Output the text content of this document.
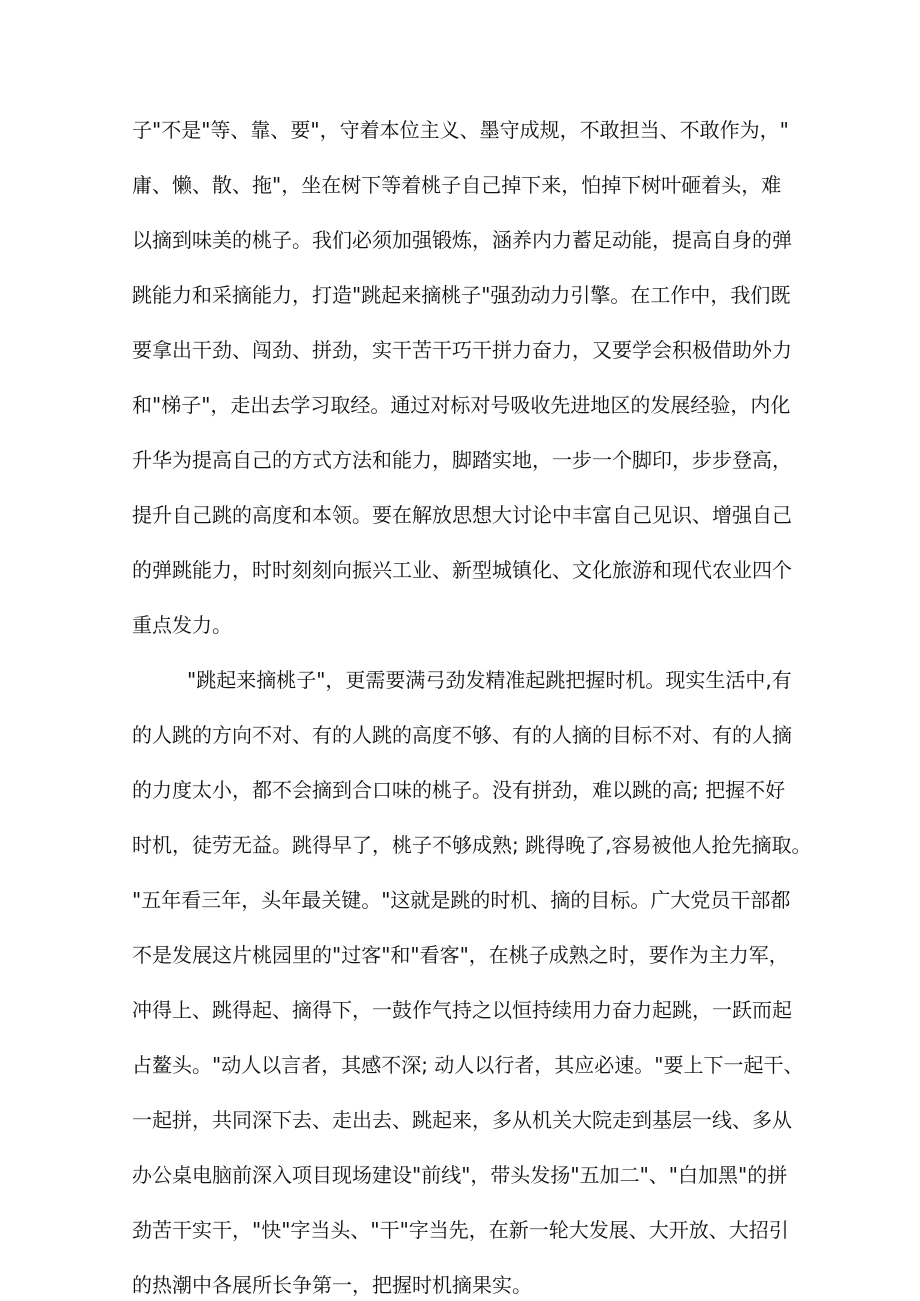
子"不是"等、靠、要"，守着本位主义、墨守成规，不敢担当、不敢作为，"
庸、懒、散、拖"，坐在树下等着桃子自己掉下来，怕掉下树叶砸着头，难
以摘到味美的桃子。我们必须加强锻炼，涵养内力蓄足动能，提高自身的弹
跳能力和采摘能力，打造"跳起来摘桃子"强劲动力引擎。在工作中，我们既
要拿出干劲、闯劲、拼劲，实干苦干巧干拼力奋力，又要学会积极借助外力
和"梯子"，走出去学习取经。通过对标对号吸收先进地区的发展经验，内化
升华为提高自己的方式方法和能力，脚踏实地，一步一个脚印，步步登高，
提升自己跳的高度和本领。要在解放思想大讨论中丰富自己见识、增强自己
的弹跳能力，时时刻刻向振兴工业、新型城镇化、文化旅游和现代农业四个
重点发力。
"跳起来摘桃子"，更需要满弓劲发精准起跳把握时机。现实生活中,有
的人跳的方向不对、有的人跳的高度不够、有的人摘的目标不对、有的人摘
的力度太小，都不会摘到合口味的桃子。没有拼劲，难以跳的高; 把握不好
时机，徒劳无益。跳得早了，桃子不够成熟; 跳得晚了,容易被他人抢先摘取。
"五年看三年，头年最关键。"这就是跳的时机、摘的目标。广大党员干部都
不是发展这片桃园里的"过客"和"看客"，在桃子成熟之时，要作为主力军，
冲得上、跳得起、摘得下，一鼓作气持之以恒持续用力奋力起跳，一跃而起
占鳌头。"动人以言者，其感不深; 动人以行者，其应必速。"要上下一起干、
一起拼，共同深下去、走出去、跳起来，多从机关大院走到基层一线、多从
办公桌电脑前深入项目现场建设"前线"，带头发扬"五加二"、"白加黑"的拼
劲苦干实干，"快"字当头、"干"字当先，在新一轮大发展、大开放、大招引
的热潮中各展所长争第一，把握时机摘果实。
